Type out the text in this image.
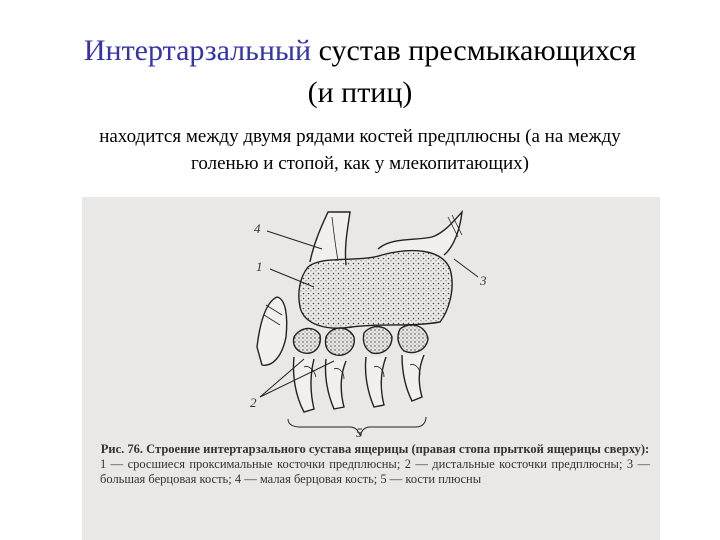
Интертарзальный сустав пресмыкающихся
(и птиц)
находится между двумя рядами костей предплюсны (а на между
голенью и стопой, как у млекопитающих)
4
1
3
2
5
Рис. 76. Строение интертарзального сустава ящерицы (правая стопа прыткой ящерицы сверху):
1 — сросшиеся проксимальные косточки предплюсны; 2 — дистальные косточки предплюсны; 3 — большая берцовая кость; 4 — малая берцовая кость; 5 — кости плюсны
